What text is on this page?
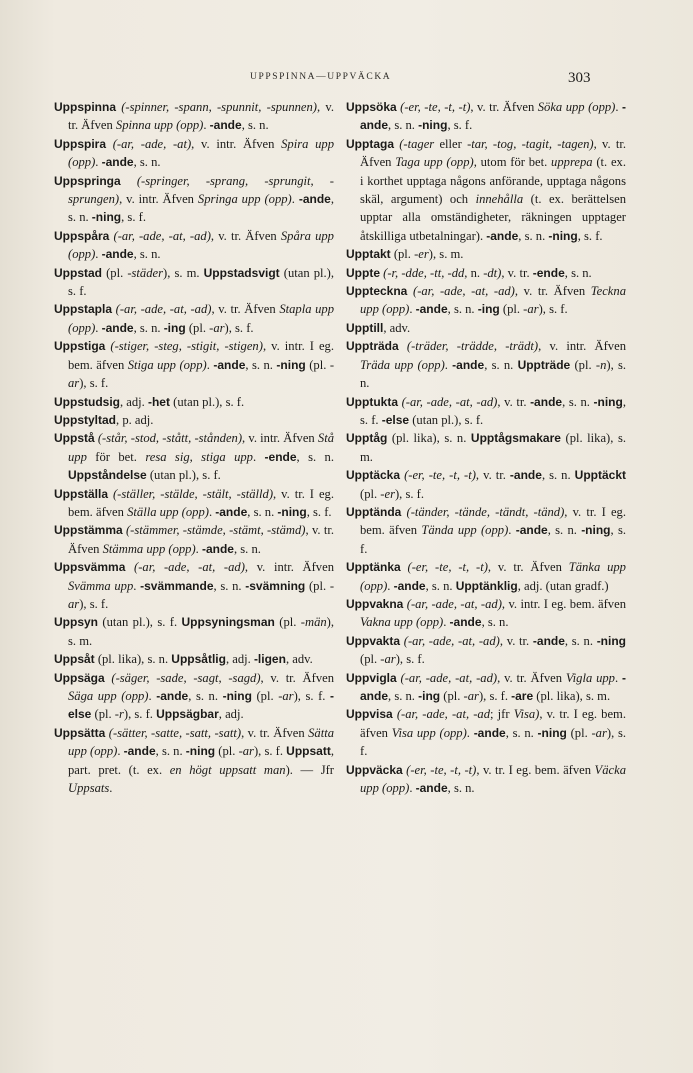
UPPSPINNA—UPPVÄCKA	303

Uppspinna (-spinner, -spann, -spunnit, -spunnen), v. tr. Äfven Spinna upp (opp). -ande, s. n.

Uppspira (-ar, -ade, -at), v. intr. Äfven Spira upp (opp). -ande, s. n.

Uppspringa (-springer, -sprang, -sprungit, -sprungen), v. intr. Äfven Springa upp (opp). -ande, s. n. -ning, s. f.

Uppspåra (-ar, -ade, -at, -ad), v. tr. Äfven Spåra upp (opp). -ande, s. n.

Uppstad (pl. -städer), s. m. Uppstadsvigt (utan pl.), s. f.

Uppstapla (-ar, -ade, -at, -ad), v. tr. Äfven Stapla upp (opp). -ande, s. n. -ing (pl. -ar), s. f.

Uppstiga (-stiger, -steg, -stigit, -stigen), v. intr. I eg. bem. äfven Stiga upp (opp). -ande, s. n. -ning (pl. -ar), s. f.

Uppstudsig, adj. -het (utan pl.), s. f.

Uppstyltad, p. adj.

Uppstå (-står, -stod, -stått, -stånden), v. intr. Äfven Stå upp för bet. resa sig, stiga upp. -ende, s. n. Uppståndelse (utan pl.), s. f.

Uppställa (-ställer, -stälde, -stält, -ställd), v. tr. I eg. bem. äfven Ställa upp (opp). -ande, s. n. -ning, s. f.

Uppstämma (-stämmer, -stämde, -stämt, -stämd), v. tr. Äfven Stämma upp (opp). -ande, s. n.

Uppsvämma (-ar, -ade, -at, -ad), v. intr. Äfven Svämma upp. -svämmande, s. n. -svämning (pl. -ar), s. f.

Uppsyn (utan pl.), s. f. Uppsyningsman (pl. -män), s. m.

Uppsåt (pl. lika), s. n. Uppsåtlig, adj. -ligen, adv.

Uppsäga (-säger, -sade, -sagt, -sagd), v. tr. Äfven Säga upp (opp). -ande, s. n. -ning (pl. -ar), s. f. -else (pl. -r), s. f. Uppsägbar, adj.

Uppsätta (-sätter, -satte, -satt, -satt), v. tr. Äfven Sätta upp (opp). -ande, s. n. -ning (pl. -ar), s. f. Uppsatt, part. pret. (t. ex. en högt uppsatt man). — Jfr Uppsats.

Uppsöka (-er, -te, -t, -t), v. tr. Äfven Söka upp (opp). -ande, s. n. -ning, s. f.

Upptaga (-tager eller -tar, -tog, -tagit, -tagen), v. tr. Äfven Taga upp (opp), utom för bet. upprepa (t. ex. i korthet upptaga någons anförande, upptaga någons skäl, argument) och innehålla (t. ex. berättelsen upptar alla omständigheter, räkningen upptager åtskilliga utbetalningar). -ande, s. n. -ning, s. f.

Upptakt (pl. -er), s. m.

Uppte (-r, -dde, -tt, -dd, n. -dt), v. tr. -ende, s. n.

Uppteckna (-ar, -ade, -at, -ad), v. tr. Äfven Teckna upp (opp). -ande, s. n. -ing (pl. -ar), s. f.

Upptill, adv.

Uppträda (-träder, -trädde, -trädt), v. intr. Äfven Träda upp (opp). -ande, s. n. Uppträde (pl. -n), s. n.

Upptukta (-ar, -ade, -at, -ad), v. tr. -ande, s. n. -ning, s. f. -else (utan pl.), s. f.

Upptåg (pl. lika), s. n. Upptågsmakare (pl. lika), s. m.

Upptäcka (-er, -te, -t, -t), v. tr. -ande, s. n. Upptäckt (pl. -er), s. f.

Upptända (-tänder, -tände, -tändt, -tänd), v. tr. I eg. bem. äfven Tända upp (opp). -ande, s. n. -ning, s. f.

Upptänka (-er, -te, -t, -t), v. tr. Äfven Tänka upp (opp). -ande, s. n. Upptänklig, adj. (utan gradf.)

Uppvakna (-ar, -ade, -at, -ad), v. intr. I eg. bem. äfven Vakna upp (opp). -ande, s. n.

Uppvakta (-ar, -ade, -at, -ad), v. tr. -ande, s. n. -ning (pl. -ar), s. f.

Uppvigla (-ar, -ade, -at, -ad), v. tr. Äfven Vigla upp. -ande, s. n. -ing (pl. -ar), s. f. -are (pl. lika), s. m.

Uppvisa (-ar, -ade, -at, -ad; jfr Visa), v. tr. I eg. bem. äfven Visa upp (opp). -ande, s. n. -ning (pl. -ar), s. f.

Uppväcka (-er, -te, -t, -t), v. tr. I eg. bem. äfven Väcka upp (opp). -ande, s. n.
